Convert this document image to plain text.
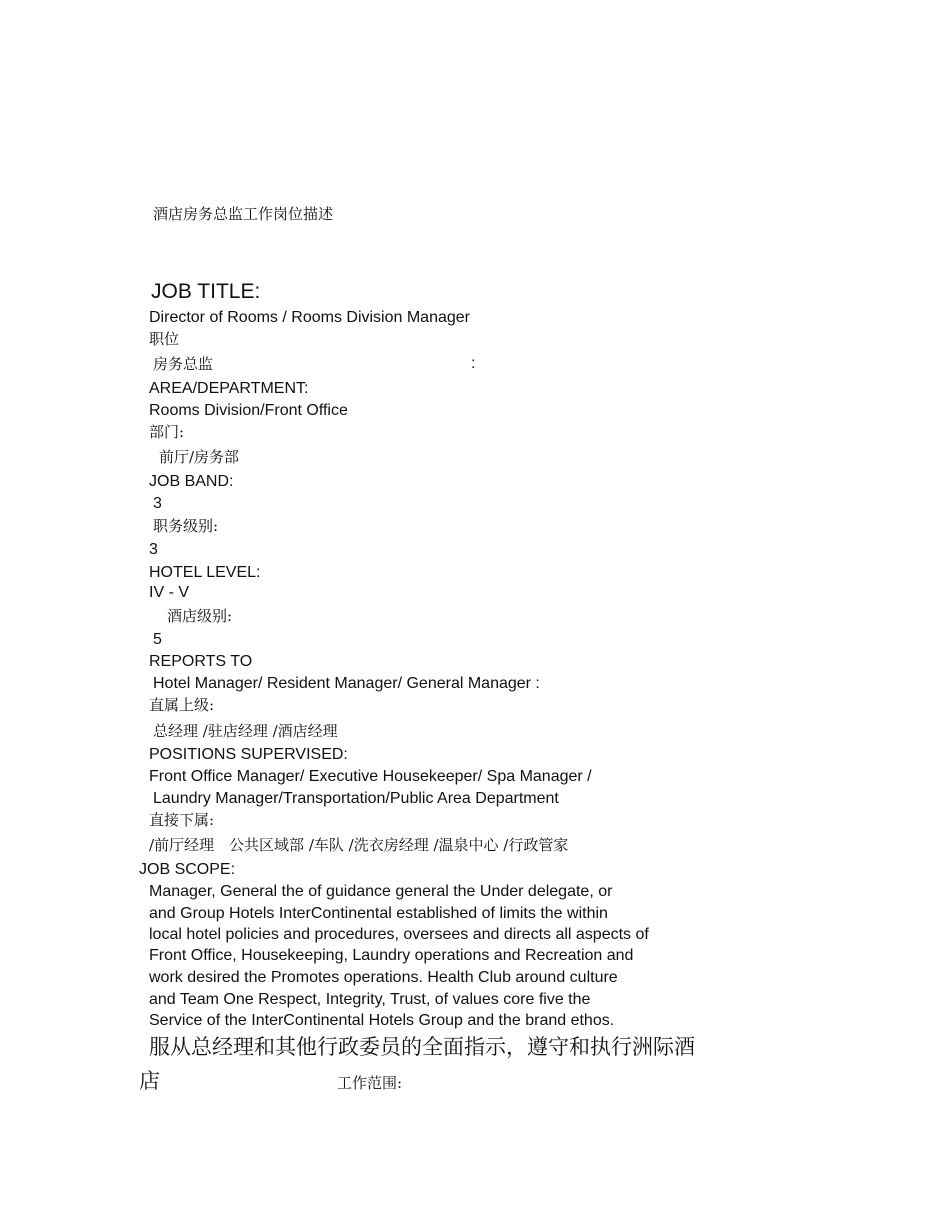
酒店房务总监工作岗位描述
JOB TITLE:
Director of Rooms / Rooms Division Manager
职位
房务总监	:
AREA/DEPARTMENT:
Rooms Division/Front Office
部门:
前厅/房务部
JOB BAND:
3
职务级别:
3
HOTEL LEVEL:
IV - V
酒店级别:
5
REPORTS TO
Hotel Manager/ Resident Manager/ General Manager :
直属上级:
总经理 /驻店经理 /酒店经理
POSITIONS SUPERVISED:
Front Office Manager/ Executive Housekeeper/ Spa Manager /
Laundry Manager/Transportation/Public Area Department
直接下属:
/前厅经理　公共区域部 /车队 /洗衣房经理 /温泉中心 /行政管家
JOB SCOPE:
Manager, General the of guidance general the Under delegate, or
and Group Hotels InterContinental established of limits the within
local hotel policies and procedures, oversees and directs all aspects of
Front Office, Housekeeping, Laundry operations and Recreation and
work desired the Promotes operations. Health Club around culture
and Team One Respect, Integrity, Trust, of values core five the
Service of the InterContinental Hotels Group and the brand ethos.
服从总经理和其他行政委员的全面指示，遵守和执行洲际酒
店	工作范围:
